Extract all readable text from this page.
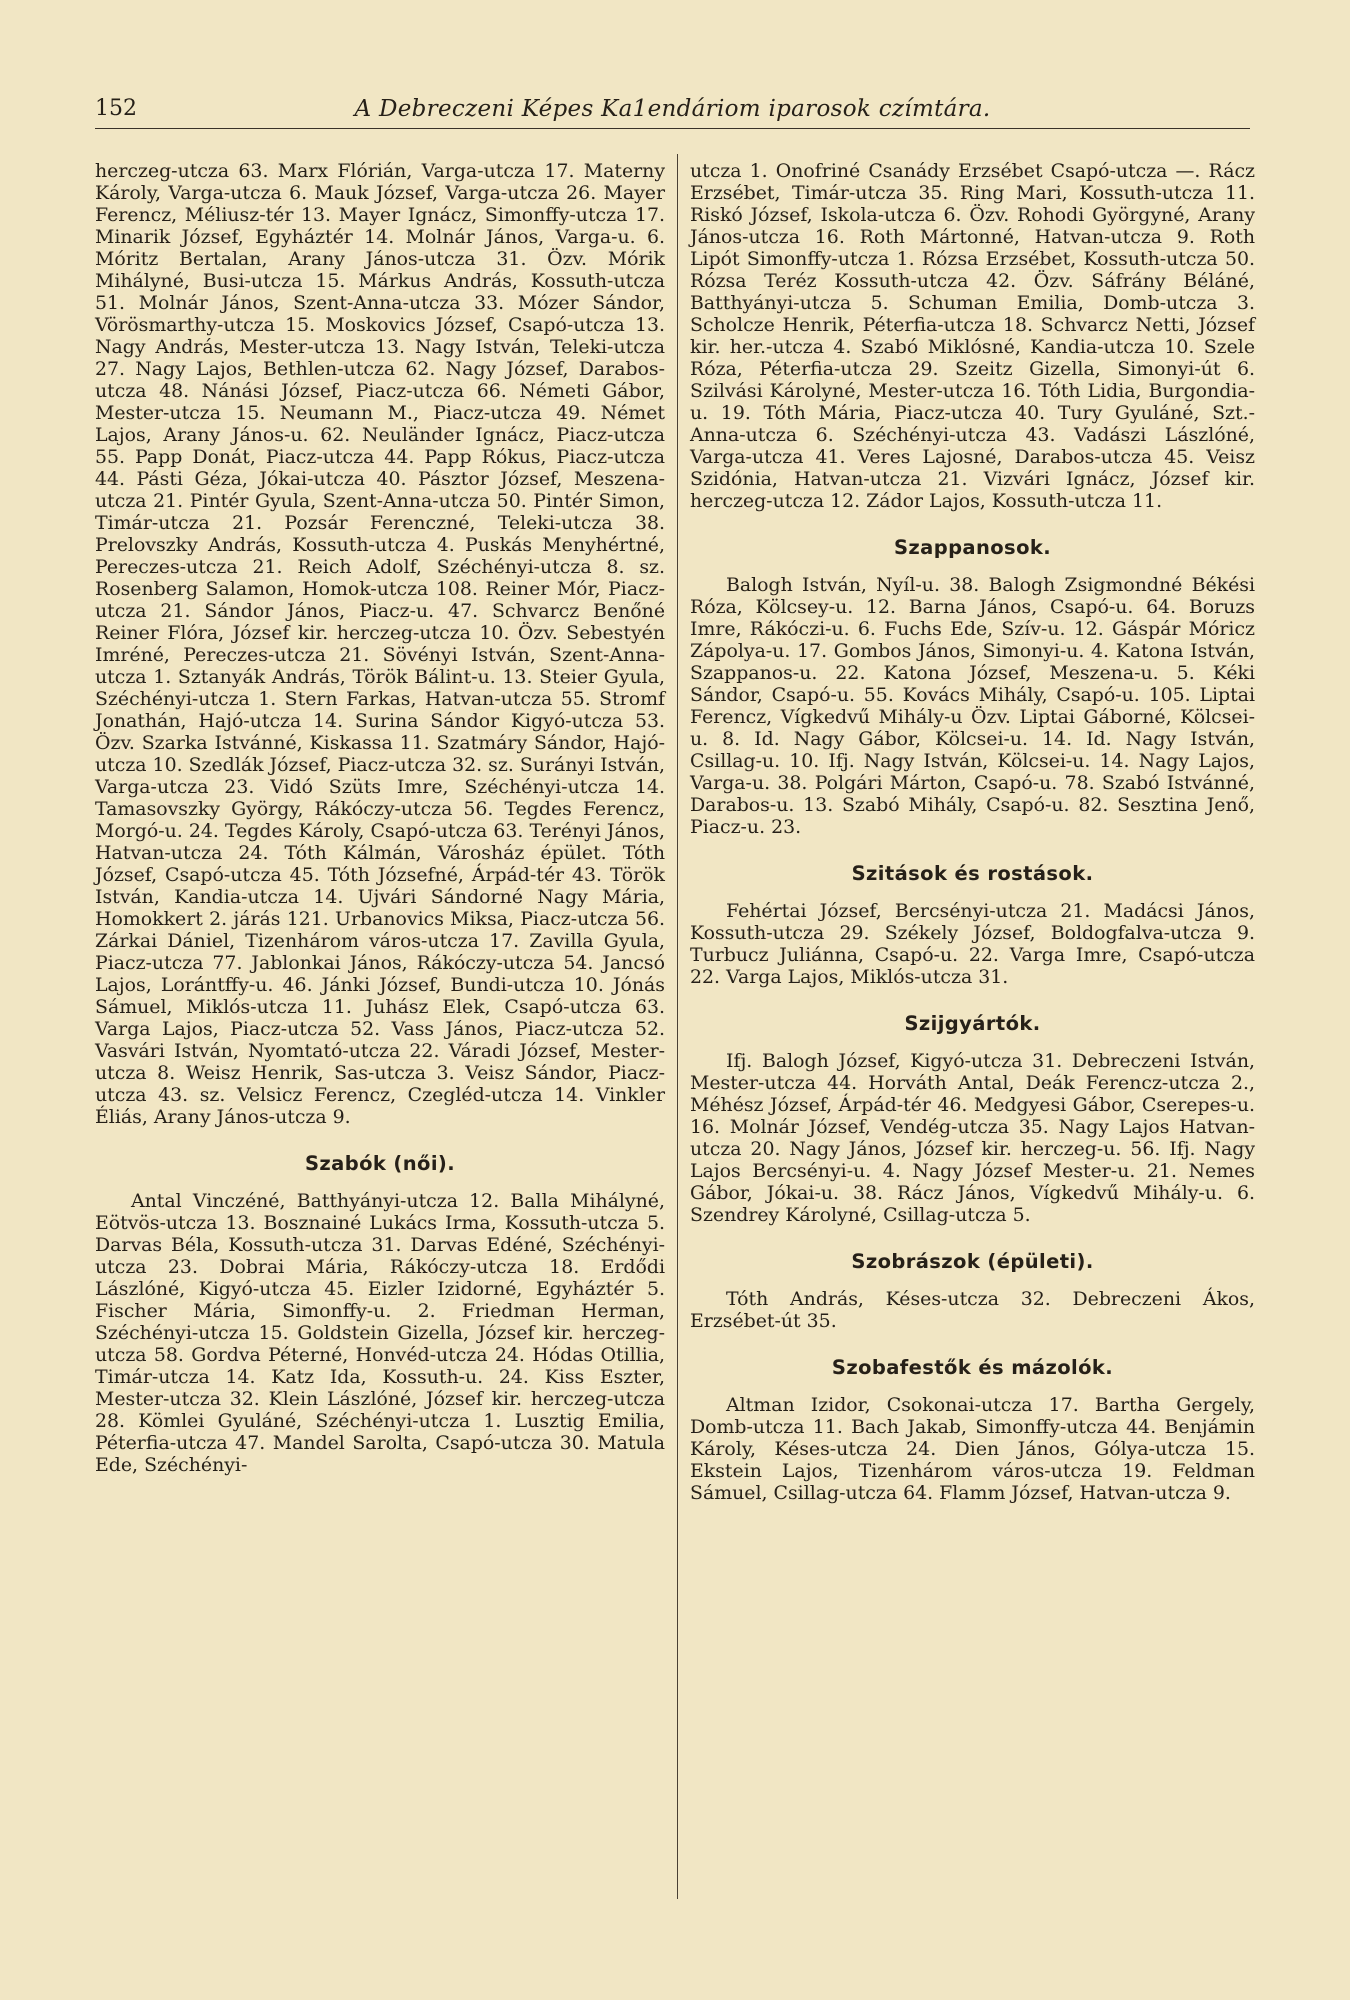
152	A Debreczeni Képes Ka1endáriom iparosok czímtára.

herczeg-utcza 63. Marx Flórián, Varga-utcza 17. Materny Károly, Varga-utcza 6. Mauk József, Varga-utcza 26. Mayer Ferencz, Méliusz-tér 13. Mayer Ignácz, Simonffy-utcza 17. Minarik József, Egyháztér 14. Molnár János, Varga-u. 6. Móritz Bertalan, Arany János-utcza 31. Özv. Mórik Mihályné, Busi-utcza 15. Márkus András, Kossuth-utcza 51. Molnár János, Szent-Anna-utcza 33. Mózer Sándor, Vörösmarthy-utcza 15. Moskovics József, Csapó-utcza 13. Nagy András, Mester-utcza 13. Nagy István, Teleki-utcza 27. Nagy Lajos, Bethlen-utcza 62. Nagy József, Darabos-utcza 48. Nánási József, Piacz-utcza 66. Németi Gábor, Mester-utcza 15. Neumann M., Piacz-utcza 49. Német Lajos, Arany János-u. 62. Neuländer Ignácz, Piacz-utcza 55. Papp Donát, Piacz-utcza 44. Papp Rókus, Piacz-utcza 44. Pásti Géza, Jókai-utcza 40. Pásztor József, Meszena-utcza 21. Pintér Gyula, Szent-Anna-utcza 50. Pintér Simon, Timár-utcza 21. Pozsár Ferenczné, Teleki-utcza 38. Prelovszky András, Kossuth-utcza 4. Puskás Menyhértné, Pereczes-utcza 21. Reich Adolf, Széchényi-utcza 8. sz. Rosenberg Salamon, Homok-utcza 108. Reiner Mór, Piacz-utcza 21. Sándor János, Piacz-u. 47. Schvarcz Benőné Reiner Flóra, József kir. herczeg-utcza 10. Özv. Sebestyén Imréné, Pereczes-utcza 21. Sövényi István, Szent-Anna-utcza 1. Sztanyák András, Török Bálint-u. 13. Steier Gyula, Széchényi-utcza 1. Stern Farkas, Hatvan-utcza 55. Stromf Jonathán, Hajó-utcza 14. Surina Sándor Kigyó-utcza 53. Özv. Szarka Istvánné, Kiskassa 11. Szatmáry Sándor, Hajó-utcza 10. Szedlák József, Piacz-utcza 32. sz. Surányi István, Varga-utcza 23. Vidó Szüts Imre, Széchényi-utcza 14. Tamasovszky György, Rákóczy-utcza 56. Tegdes Ferencz, Morgó-u. 24. Tegdes Károly, Csapó-utcza 63. Terényi János, Hatvan-utcza 24. Tóth Kálmán, Városház épület. Tóth József, Csapó-utcza 45. Tóth Józsefné, Árpád-tér 43. Török István, Kandia-utcza 14. Ujvári Sándorné Nagy Mária, Homokkert 2. járás 121. Urbanovics Miksa, Piacz-utcza 56. Zárkai Dániel, Tizenhárom város-utcza 17. Zavilla Gyula, Piacz-utcza 77. Jablonkai János, Rákóczy-utcza 54. Jancsó Lajos, Lorántffy-u. 46. Jánki József, Bundi-utcza 10. Jónás Sámuel, Miklós-utcza 11. Juhász Elek, Csapó-utcza 63. Varga Lajos, Piacz-utcza 52. Vass János, Piacz-utcza 52. Vasvári István, Nyomtató-utcza 22. Váradi József, Mester-utcza 8. Weisz Henrik, Sas-utcza 3. Veisz Sándor, Piacz-utcza 43. sz. Velsicz Ferencz, Czegléd-utcza 14. Vinkler Éliás, Arany János-utcza 9.

Szabók (női).

Antal Vinczéné, Batthyányi-utcza 12. Balla Mihályné, Eötvös-utcza 13. Bosznainé Lukács Irma, Kossuth-utcza 5. Darvas Béla, Kossuth-utcza 31. Darvas Edéné, Széchényi-utcza 23. Dobrai Mária, Rákóczy-utcza 18. Erdődi Lászlóné, Kigyó-utcza 45. Eizler Izidorné, Egyháztér 5. Fischer Mária, Simonffy-u. 2. Friedman Herman, Széchényi-utcza 15. Goldstein Gizella, József kir. herczeg-utcza 58. Gordva Péterné, Honvéd-utcza 24. Hódas Otillia, Timár-utcza 14. Katz Ida, Kossuth-u. 24. Kiss Eszter, Mester-utcza 32. Klein Lászlóné, József kir. herczeg-utcza 28. Kömlei Gyuláné, Széchényi-utcza 1. Lusztig Emilia, Péterfia-utcza 47. Mandel Sarolta, Csapó-utcza 30. Matula Ede, Széchényi-

utcza 1. Onofriné Csanády Erzsébet Csapó-utcza —. Rácz Erzsébet, Timár-utcza 35. Ring Mari, Kossuth-utcza 11. Riskó József, Iskola-utcza 6. Özv. Rohodi Györgyné, Arany János-utcza 16. Roth Mártonné, Hatvan-utcza 9. Roth Lipót Simonffy-utcza 1. Rózsa Erzsébet, Kossuth-utcza 50. Rózsa Teréz Kossuth-utcza 42. Özv. Sáfrány Béláné, Batthyányi-utcza 5. Schuman Emilia, Domb-utcza 3. Scholcze Henrik, Péterfia-utcza 18. Schvarcz Netti, József kir. her.-utcza 4. Szabó Miklósné, Kandia-utcza 10. Szele Róza, Péterfia-utcza 29. Szeitz Gizella, Simonyi-út 6. Szilvási Károlyné, Mester-utcza 16. Tóth Lidia, Burgondia-u. 19. Tóth Mária, Piacz-utcza 40. Tury Gyuláné, Szt.-Anna-utcza 6. Széchényi-utcza 43. Vadászi Lászlóné, Varga-utcza 41. Veres Lajosné, Darabos-utcza 45. Veisz Szidónia, Hatvan-utcza 21. Vizvári Ignácz, József kir. herczeg-utcza 12. Zádor Lajos, Kossuth-utcza 11.

Szappanosok.

Balogh István, Nyíl-u. 38. Balogh Zsigmondné Békési Róza, Kölcsey-u. 12. Barna János, Csapó-u. 64. Boruzs Imre, Rákóczi-u. 6. Fuchs Ede, Szív-u. 12. Gáspár Móricz Zápolya-u. 17. Gombos János, Simonyi-u. 4. Katona István, Szappanos-u. 22. Katona József, Meszena-u. 5. Kéki Sándor, Csapó-u. 55. Kovács Mihály, Csapó-u. 105. Liptai Ferencz, Vígkedvű Mihály-u Özv. Liptai Gáborné, Kölcsei-u. 8. Id. Nagy Gábor, Kölcsei-u. 14. Id. Nagy István, Csillag-u. 10. Ifj. Nagy István, Kölcsei-u. 14. Nagy Lajos, Varga-u. 38. Polgári Márton, Csapó-u. 78. Szabó Istvánné, Darabos-u. 13. Szabó Mihály, Csapó-u. 82. Sesztina Jenő, Piacz-u. 23.

Szitások és rostások.

Fehértai József, Bercsényi-utcza 21. Madácsi János, Kossuth-utcza 29. Székely József, Boldogfalva-utcza 9. Turbucz Juliánna, Csapó-u. 22. Varga Imre, Csapó-utcza 22. Varga Lajos, Miklós-utcza 31.

Szijgyártók.

Ifj. Balogh József, Kigyó-utcza 31. Debreczeni István, Mester-utcza 44. Horváth Antal, Deák Ferencz-utcza 2., Méhész József, Árpád-tér 46. Medgyesi Gábor, Cserepes-u. 16. Molnár József, Vendég-utcza 35. Nagy Lajos Hatvan-utcza 20. Nagy János, József kir. herczeg-u. 56. Ifj. Nagy Lajos Bercsényi-u. 4. Nagy József Mester-u. 21. Nemes Gábor, Jókai-u. 38. Rácz János, Vígkedvű Mihály-u. 6. Szendrey Károlyné, Csillag-utcza 5.

Szobrászok (épületi).

Tóth András, Késes-utcza 32. Debreczeni Ákos, Erzsébet-út 35.

Szobafestők és mázolók.

Altman Izidor, Csokonai-utcza 17. Bartha Gergely, Domb-utcza 11. Bach Jakab, Simonffy-utcza 44. Benjámin Károly, Késes-utcza 24. Dien János, Gólya-utcza 15. Ekstein Lajos, Tizenhárom város-utcza 19. Feldman Sámuel, Csillag-utcza 64. Flamm József, Hatvan-utcza 9.
